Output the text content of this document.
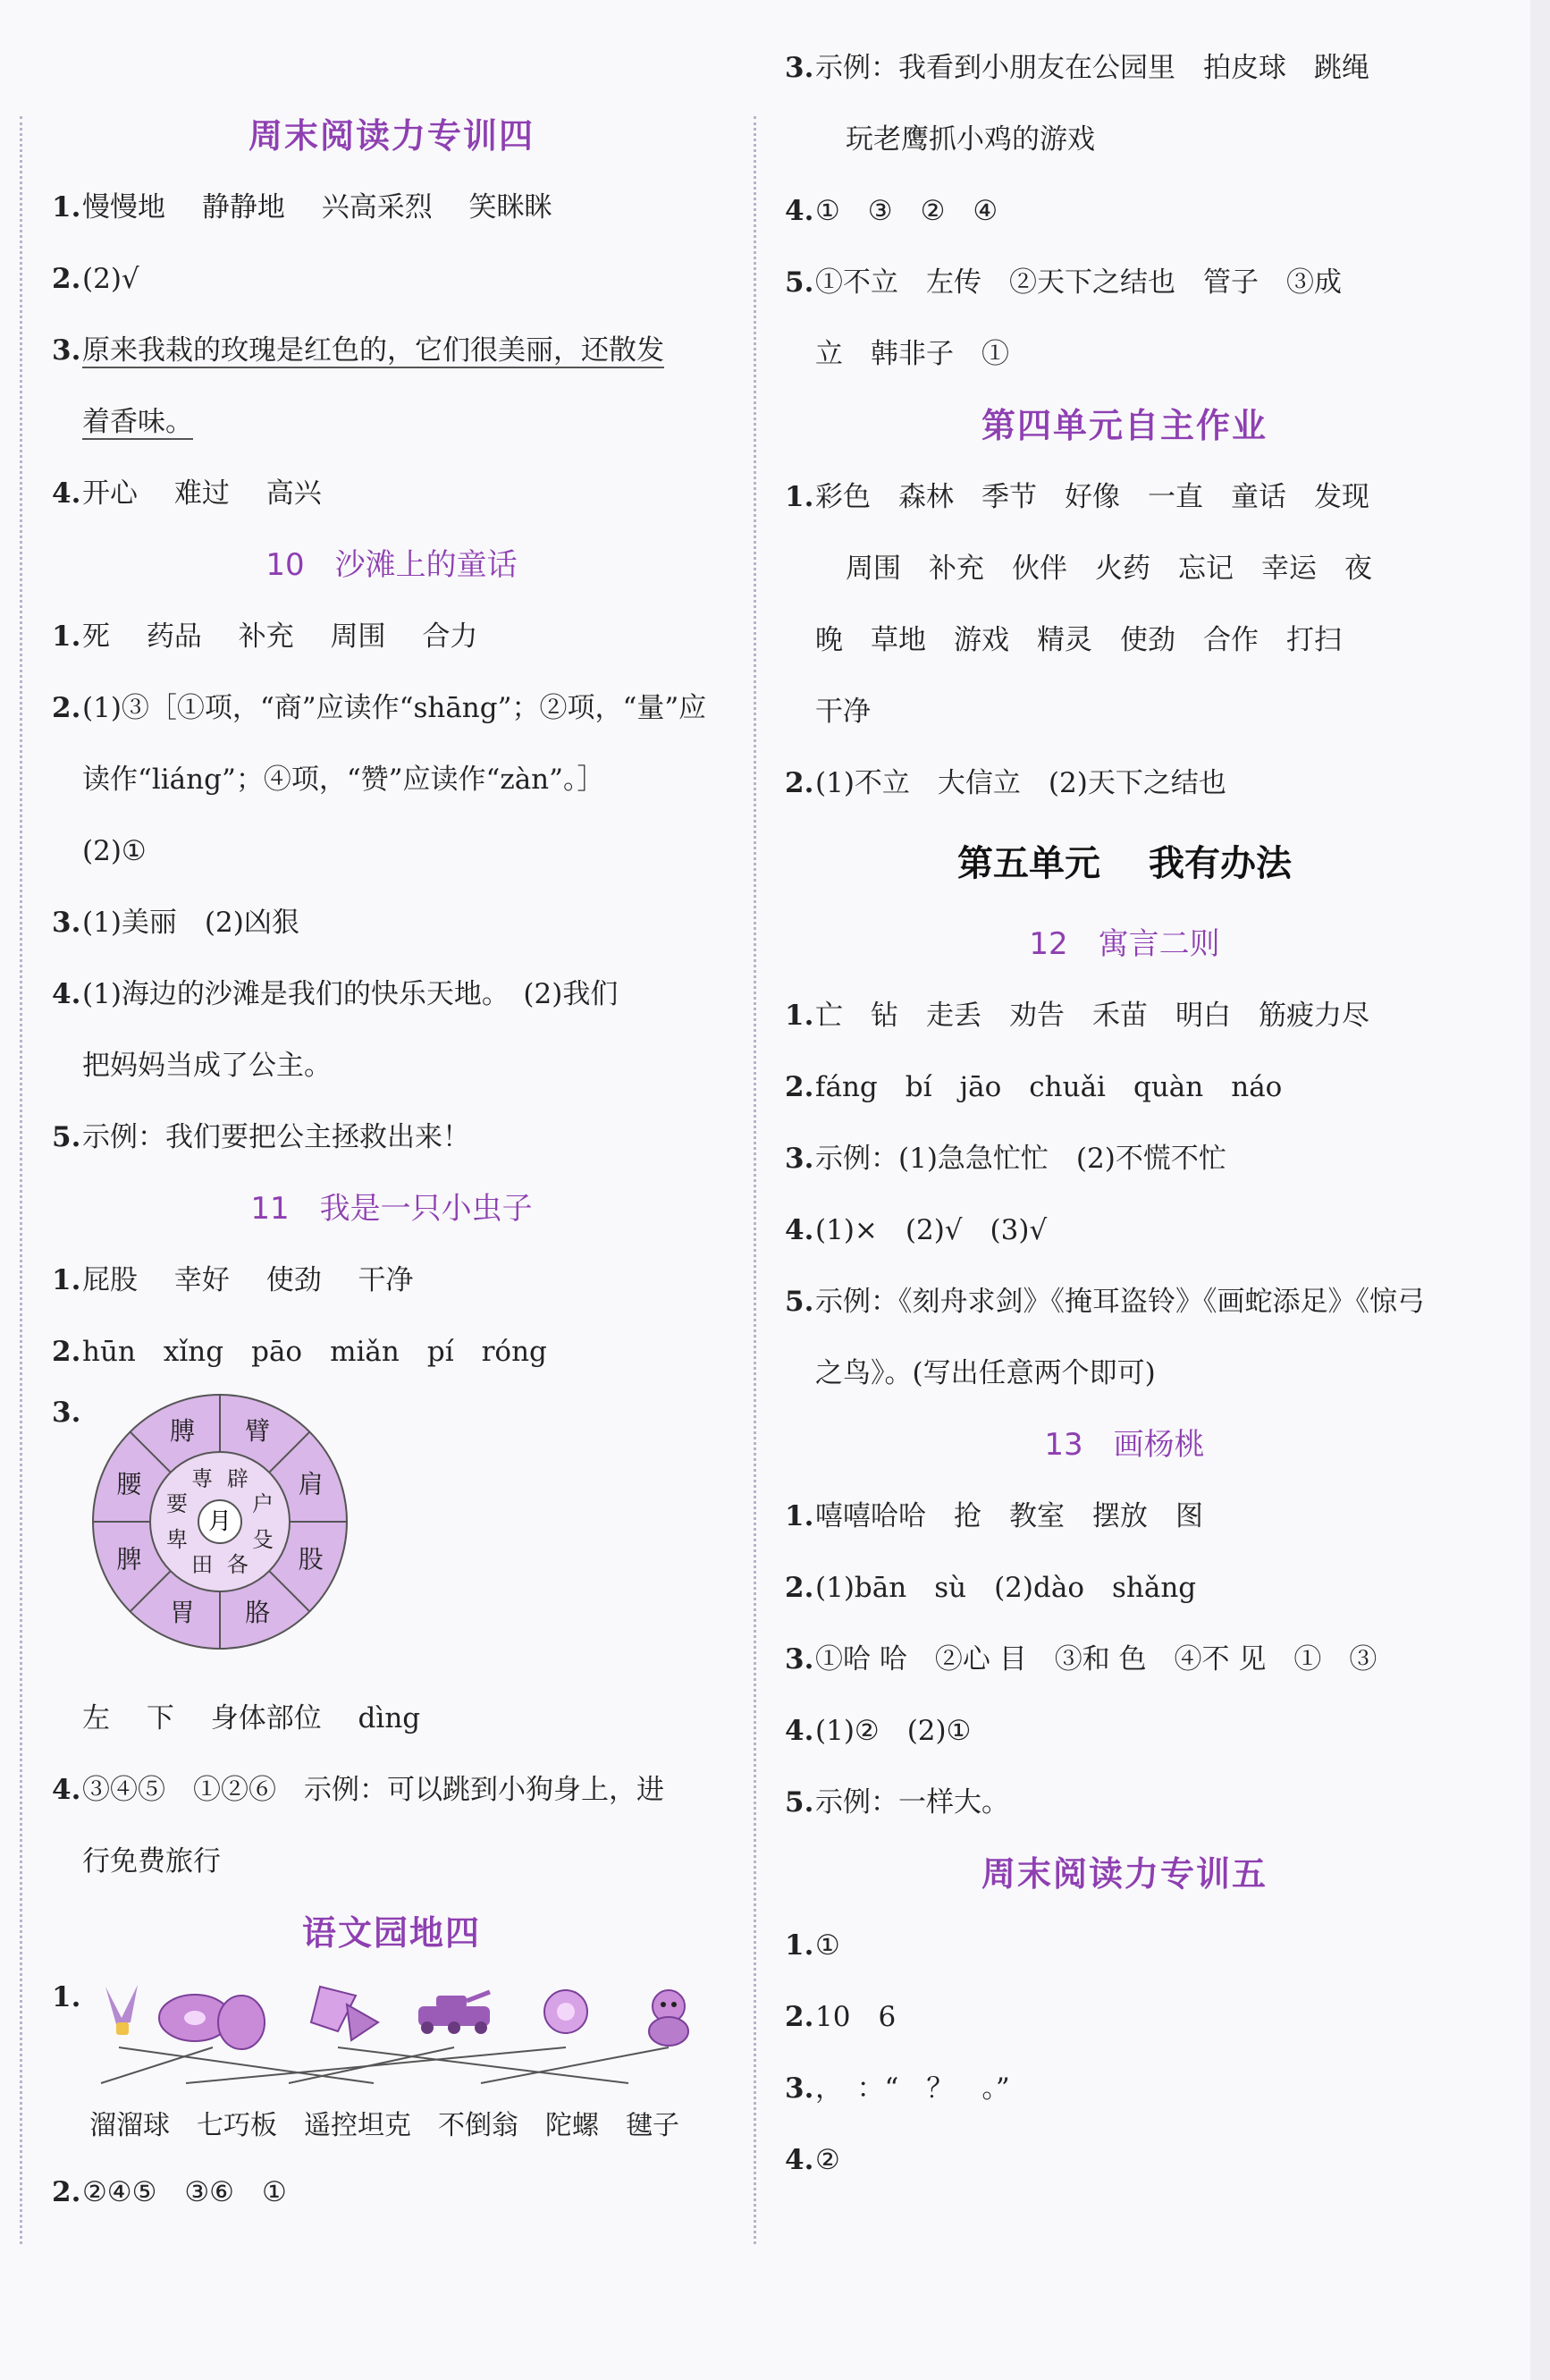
周末阅读力专训四
1.慢慢地　 静静地　 兴高采烈　 笑眯眯
2.(2)√
3.原来我栽的玫瑰是红色的，它们很美丽，还散发
着香味。
4.开心　 难过　 高兴
10　沙滩上的童话
1.死　 药品　 补充　 周围　 合力
2.(1)③［①项，“商”应读作“shāng”；②项，“量”应
读作“liáng”；④项，“赞”应读作“zàn”。］
(2)①
3.(1)美丽　(2)凶狠
4.(1)海边的沙滩是我们的快乐天地。　(2)我们
把妈妈当成了公主。
5.示例：我们要把公主拯救出来！
11　我是一只小虫子
1.屁股　 幸好　 使劲　 干净
2.hūn　xǐng　pāo　miǎn　pí　róng
3.
臂
肩
股
胳
胃
脾
腰
膊
辟
户
殳
各
田
卑
要
専
月
左　 下　 身体部位　 dìng
4.③④⑤　①②⑥　示例：可以跳到小狗身上，进
行免费旅行
语文园地四
1.
溜溜球 七巧板 遥控坦克 不倒翁 陀螺 毽子
2.②④⑤　③⑥　①
3.示例：我看到小朋友在公园里　拍皮球　跳绳
玩老鹰抓小鸡的游戏
4.①　③　②　④
5.①不立　左传　②天下之结也　管子　③成
立　韩非子　①
第四单元自主作业
1.彩色　森林　季节　好像　一直　童话　发现
周围　补充　伙伴　火药　忘记　幸运　夜
晚　草地　游戏　精灵　使劲　合作　打扫
干净
2.(1)不立　大信立　(2)天下之结也
第五单元　 我有办法
12　寓言二则
1.亡　钻　走丢　劝告　禾苗　明白　筋疲力尽
2.fáng　bí　jāo　chuǎi　quàn　náo
3.示例：(1)急急忙忙　(2)不慌不忙
4.(1)×　(2)√　(3)√
5.示例：《刻舟求剑》《掩耳盗铃》《画蛇添足》《惊弓
之鸟》。(写出任意两个即可)
13　画杨桃
1.嘻嘻哈哈　抢　教室　摆放　图
2.(1)bān　sù　(2)dào　shǎng
3.①哈 哈　②心 目　③和 色　④不 见　①　③
4.(1)②　(2)①
5.示例：一样大。
周末阅读力专训五
1.①
2.10　6
3.，　：“　？　。”
4.②
